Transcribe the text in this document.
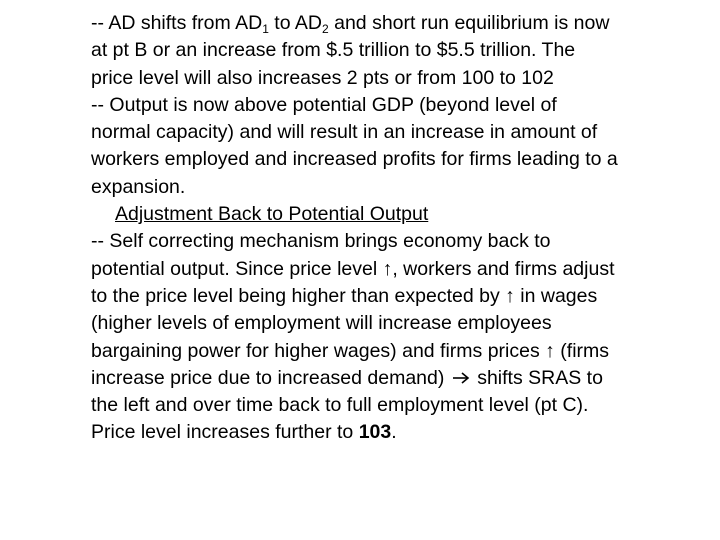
-- AD shifts from $AD_1$ to $AD_2$ and short run equilibrium is now
at pt B or an increase from $.5 trillion to $5.5 trillion. The
price level will also increases 2 pts or from 100 to 102
-- Output is now above potential GDP (beyond level of
normal capacity) and will result in an increase in amount of
workers employed and increased profits for firms leading to a
expansion.
Adjustment Back to Potential Output
-- Self correcting mechanism brings economy back to
potential output. Since price level ↑, workers and firms adjust
to the price level being higher than expected by ↑ in wages
(higher levels of employment will increase employees
bargaining power for higher wages) and firms prices ↑ (firms
increase price due to increased demand)  shifts SRAS to
the left and over time back to full employment level (pt C).
Price level increases further to 103.
